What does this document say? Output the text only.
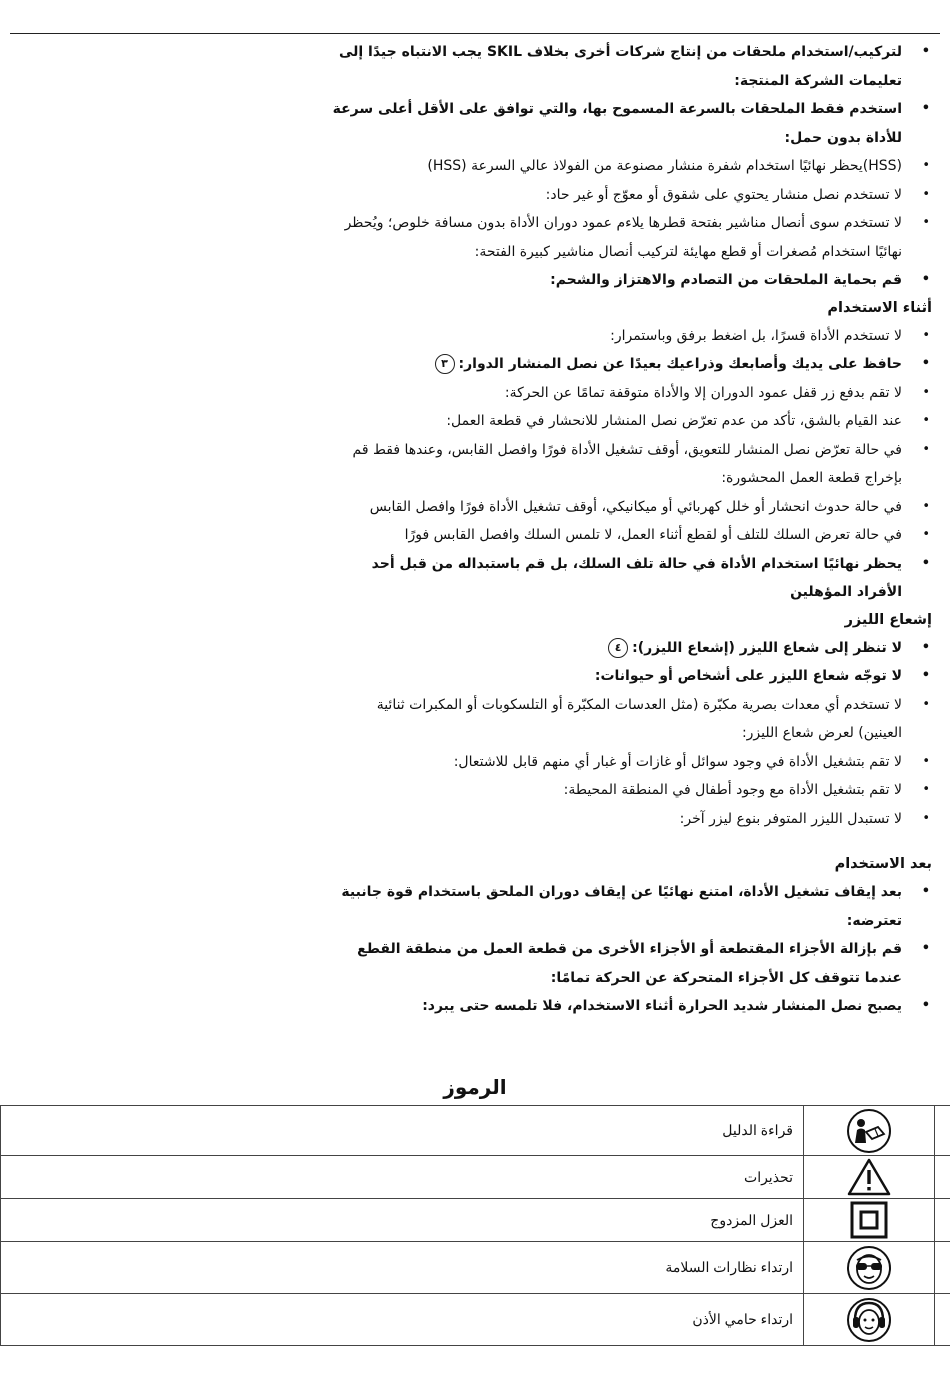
•
لتركيب/استخدام ملحقات من إنتاج شركات أخرى بخلاف SKIL يجب الانتباه جيدًا إلى تعليمات الشركة المنتجة:
•
استخدم فقط الملحقات بالسرعة المسموح بها، والتي توافق على الأقل أعلى سرعة للأداة بدون حمل:
•
(HSS)يحظر نهائيًا استخدام شفرة منشار مصنوعة من الفولاذ عالي السرعة (HSS)
•
لا تستخدم نصل منشار يحتوي على شقوق أو معوّج أو غير حاد:
•
لا تستخدم سوى أنصال مناشير بفتحة قطرها يلاءم عمود دوران الأداة بدون مسافة خلوص؛ ويُحظر نهائيًا استخدام مُصغرات أو قطع مهايئة لتركيب أنصال مناشير كبيرة الفتحة:
•
قم بحماية الملحقات من التصادم والاهتزاز والشحم:
أثناء الاستخدام
•
لا تستخدم الأداة قسرًا، بل اضغط برفق وباستمرار:
•
حافظ على يديك وأصابعك وذراعيك بعيدًا عن نصل المنشار الدوار:٣
•
لا تقم بدفع زر قفل عمود الدوران إلا والأداة متوقفة تمامًا عن الحركة:
•
عند القيام بالشق، تأكد من عدم تعرّض نصل المنشار للانحشار في قطعة العمل:
•
في حالة تعرّض نصل المنشار للتعويق، أوقف تشغيل الأداة فورًا وافصل القابس، وعندها فقط قم بإخراج قطعة العمل المحشورة:
•
في حالة حدوث انحشار أو خلل كهربائي أو ميكانيكي، أوقف تشغيل الأداة فورًا وافصل القابس
•
في حالة تعرض السلك للتلف أو لقطع أثناء العمل، لا تلمس السلك وافصل القابس فورًا
•
يحظر نهائيًا استخدام الأداة في حالة تلف السلك، بل قم باستبداله من قبل أحد الأفراد المؤهلين
إشعاع الليزر
•
لا تنظر إلى شعاع الليزر (إشعاع الليزر):٤
•
لا توجّه شعاع الليزر على أشخاص أو حيوانات:
•
لا تستخدم أي معدات بصرية مكبّرة (مثل العدسات المكبّرة أو التلسكوبات أو المكبرات ثنائية العينين) لعرض شعاع الليزر:
•
لا تقم بتشغيل الأداة في وجود سوائل أو غازات أو غبار أي منهم قابل للاشتعال:
•
لا تقم بتشغيل الأداة مع وجود أطفال في المنطقة المحيطة:
•
لا تستبدل الليزر المتوفر بنوع ليزر آخر:
بعد الاستخدام
•
بعد إيقاف تشغيل الأداة، امتنع نهائيًا عن إيقاف دوران الملحق باستخدام قوة جانبية تعترضه:
•
قم بإزالة الأجزاء المقتطعة أو الأجزاء الأخرى من قطعة العمل من منطقة القطع عندما تتوقف كل الأجزاء المتحركة عن الحركة تمامًا:
•
يصبح نصل المنشار شديد الحرارة أثناء الاستخدام، فلا تلمسه حتى يبرد:
الرموز

	قراءة الدليل

	تحذيرات

	العزل المزدوج

	ارتداء نظارات السلامة

	ارتداء حامي الأذن
